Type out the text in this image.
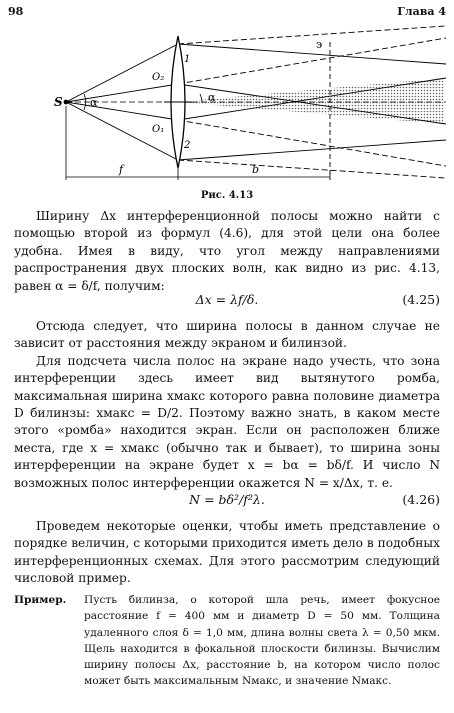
98	Глава 4
S α	α
O₂
O₁
1
2
э
f	b
Рис. 4.13

Ширину Δx интерференционной полосы можно найти с помощью второй из формул (4.6), для этой цели она более удобна. Имея в виду, что угол между направлениями распространения двух плоских волн, как видно из рис. 4.13, равен α = δ/f, получим:

Δx = λf/δ.	(4.25)

Отсюда следует, что ширина полосы в данном случае не зависит от расстояния между экраном и билинзой.

Для подсчета числа полос на экране надо учесть, что зона интерференции здесь имеет вид вытянутого ромба, максимальная ширина xмакс которого равна половине диаметра D билинзы: xмакс = D/2. Поэтому важно знать, в каком месте этого «ромба» находится экран. Если он расположен ближе места, где x = xмакс (обычно так и бывает), то ширина зоны интерференции на экране будет x = bα = bδ/f. И число N возможных полос интерференции окажется N = x/Δx, т. е.

N = bδ²/f²λ.	(4.26)

Проведем некоторые оценки, чтобы иметь представление о порядке величин, с которыми приходится иметь дело в подобных интерференционных схемах. Для этого рассмотрим следующий числовой пример.

Пример.	Пусть билинза, о которой шла речь, имеет фокусное расстояние f = 400 мм и диаметр D = 50 мм. Толщина удаленного слоя δ = 1,0 мм, длина волны света λ = 0,50 мкм. Щель находится в фокальной плоскости билинзы. Вычислим ширину полосы Δx, расстояние b, на котором число полос может быть максимальным Nмакс, и значение Nмакс.
